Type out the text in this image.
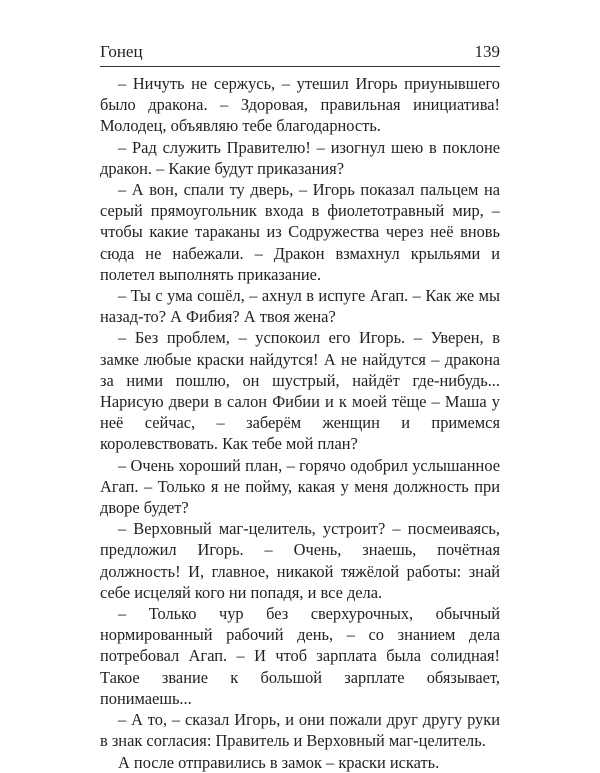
Гонец	139

– Ничуть не сержусь, – утешил Игорь приунывшего было дракона. – Здоровая, правильная инициатива! Молодец, объявляю тебе благодарность.

– Рад служить Правителю! – изогнул шею в поклоне дракон. – Какие будут приказания?

– А вон, спали ту дверь, – Игорь показал пальцем на серый прямоугольник входа в фиолетотравный мир, – чтобы какие тараканы из Содружества через неё вновь сюда не набежали. – Дракон взмахнул крыльями и полетел выполнять приказание.

– Ты с ума сошёл, – ахнул в испуге Агап. – Как же мы назад-то? А Фибия? А твоя жена?

– Без проблем, – успокоил его Игорь. – Уверен, в замке любые краски найдутся! А не найдутся – дракона за ними пошлю, он шустрый, найдёт где-нибудь... Нарисую двери в салон Фибии и к моей тёще – Маша у неё сейчас, – заберём женщин и примемся королевствовать. Как тебе мой план?

– Очень хороший план, – горячо одобрил услышанное Агап. – Только я не пойму, какая у меня должность при дворе будет?

– Верховный маг-целитель, устроит? – посмеиваясь, предложил Игорь. – Очень, знаешь, почётная должность! И, главное, никакой тяжёлой работы: знай себе исцеляй кого ни попадя, и все дела.

– Только чур без сверхурочных, обычный нормированный рабочий день, – со знанием дела потребовал Агап. – И чтоб зарплата была солидная! Такое звание к большой зарплате обязывает, понимаешь...

– А то, – сказал Игорь, и они пожали друг другу руки в знак согласия: Правитель и Верховный маг-целитель.

А после отправились в замок – краски искать.
